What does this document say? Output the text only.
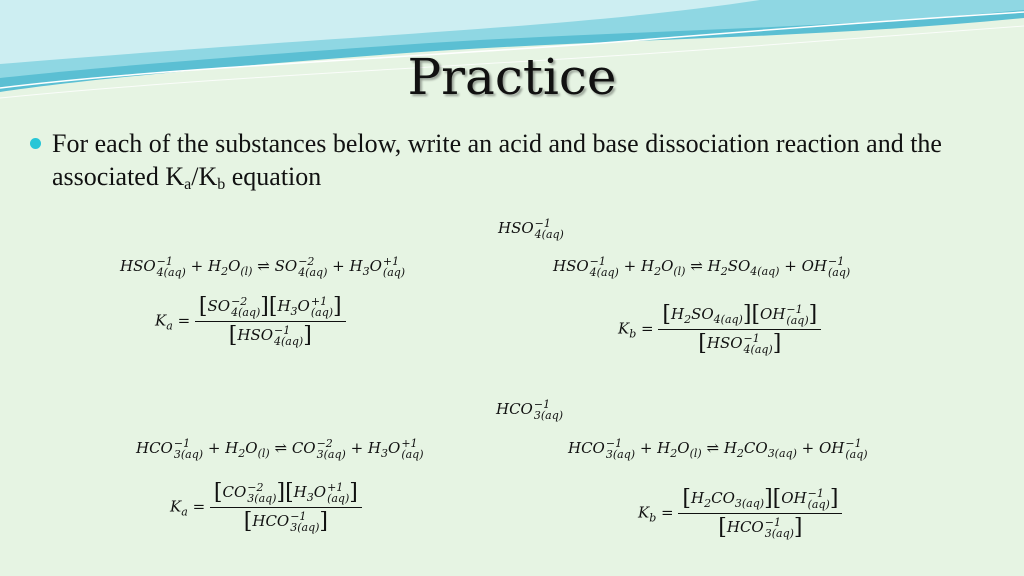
Practice
For each of the substances below, write an acid and base dissociation reaction and the associated $K_a/K_b$ equation
HSO −1
4(aq)
HSO −1
$4(aq) + H_2O_{(l)}$ ⇌ SO −2
$4(aq) + H_3O +1$
(aq)	HSO −1
$4(aq) + H_2O_{(l)}$ ⇌ $H_2SO_{4(aq)}$ + OH −1
(aq)
$K_a = [SO -2$
4(aq) ][$H_3O +1$
(aq) ]
[HSO −1
4(aq) ]	$K_b = [H_2SO_{4(aq)}][OH -1$
(aq) ]
[HSO −1
4(aq) ]
HCO −1
3(aq)
HCO −1
$3(aq) + H_2O_{(l)}$ ⇌ CO −2
$3(aq) + H_3O +1$
(aq)	HCO −1
$3(aq) + H_2O_{(l)}$ ⇌ $H_2CO_{3(aq)}$ + OH −1
(aq)
$K_a = [CO -2$
3(aq) ][$H_3O +1$
(aq) ]
[HCO −1
3(aq) ]	$K_b = [H_2CO_{3(aq)}][OH -1$
(aq) ]
[HCO −1
3(aq) ]
